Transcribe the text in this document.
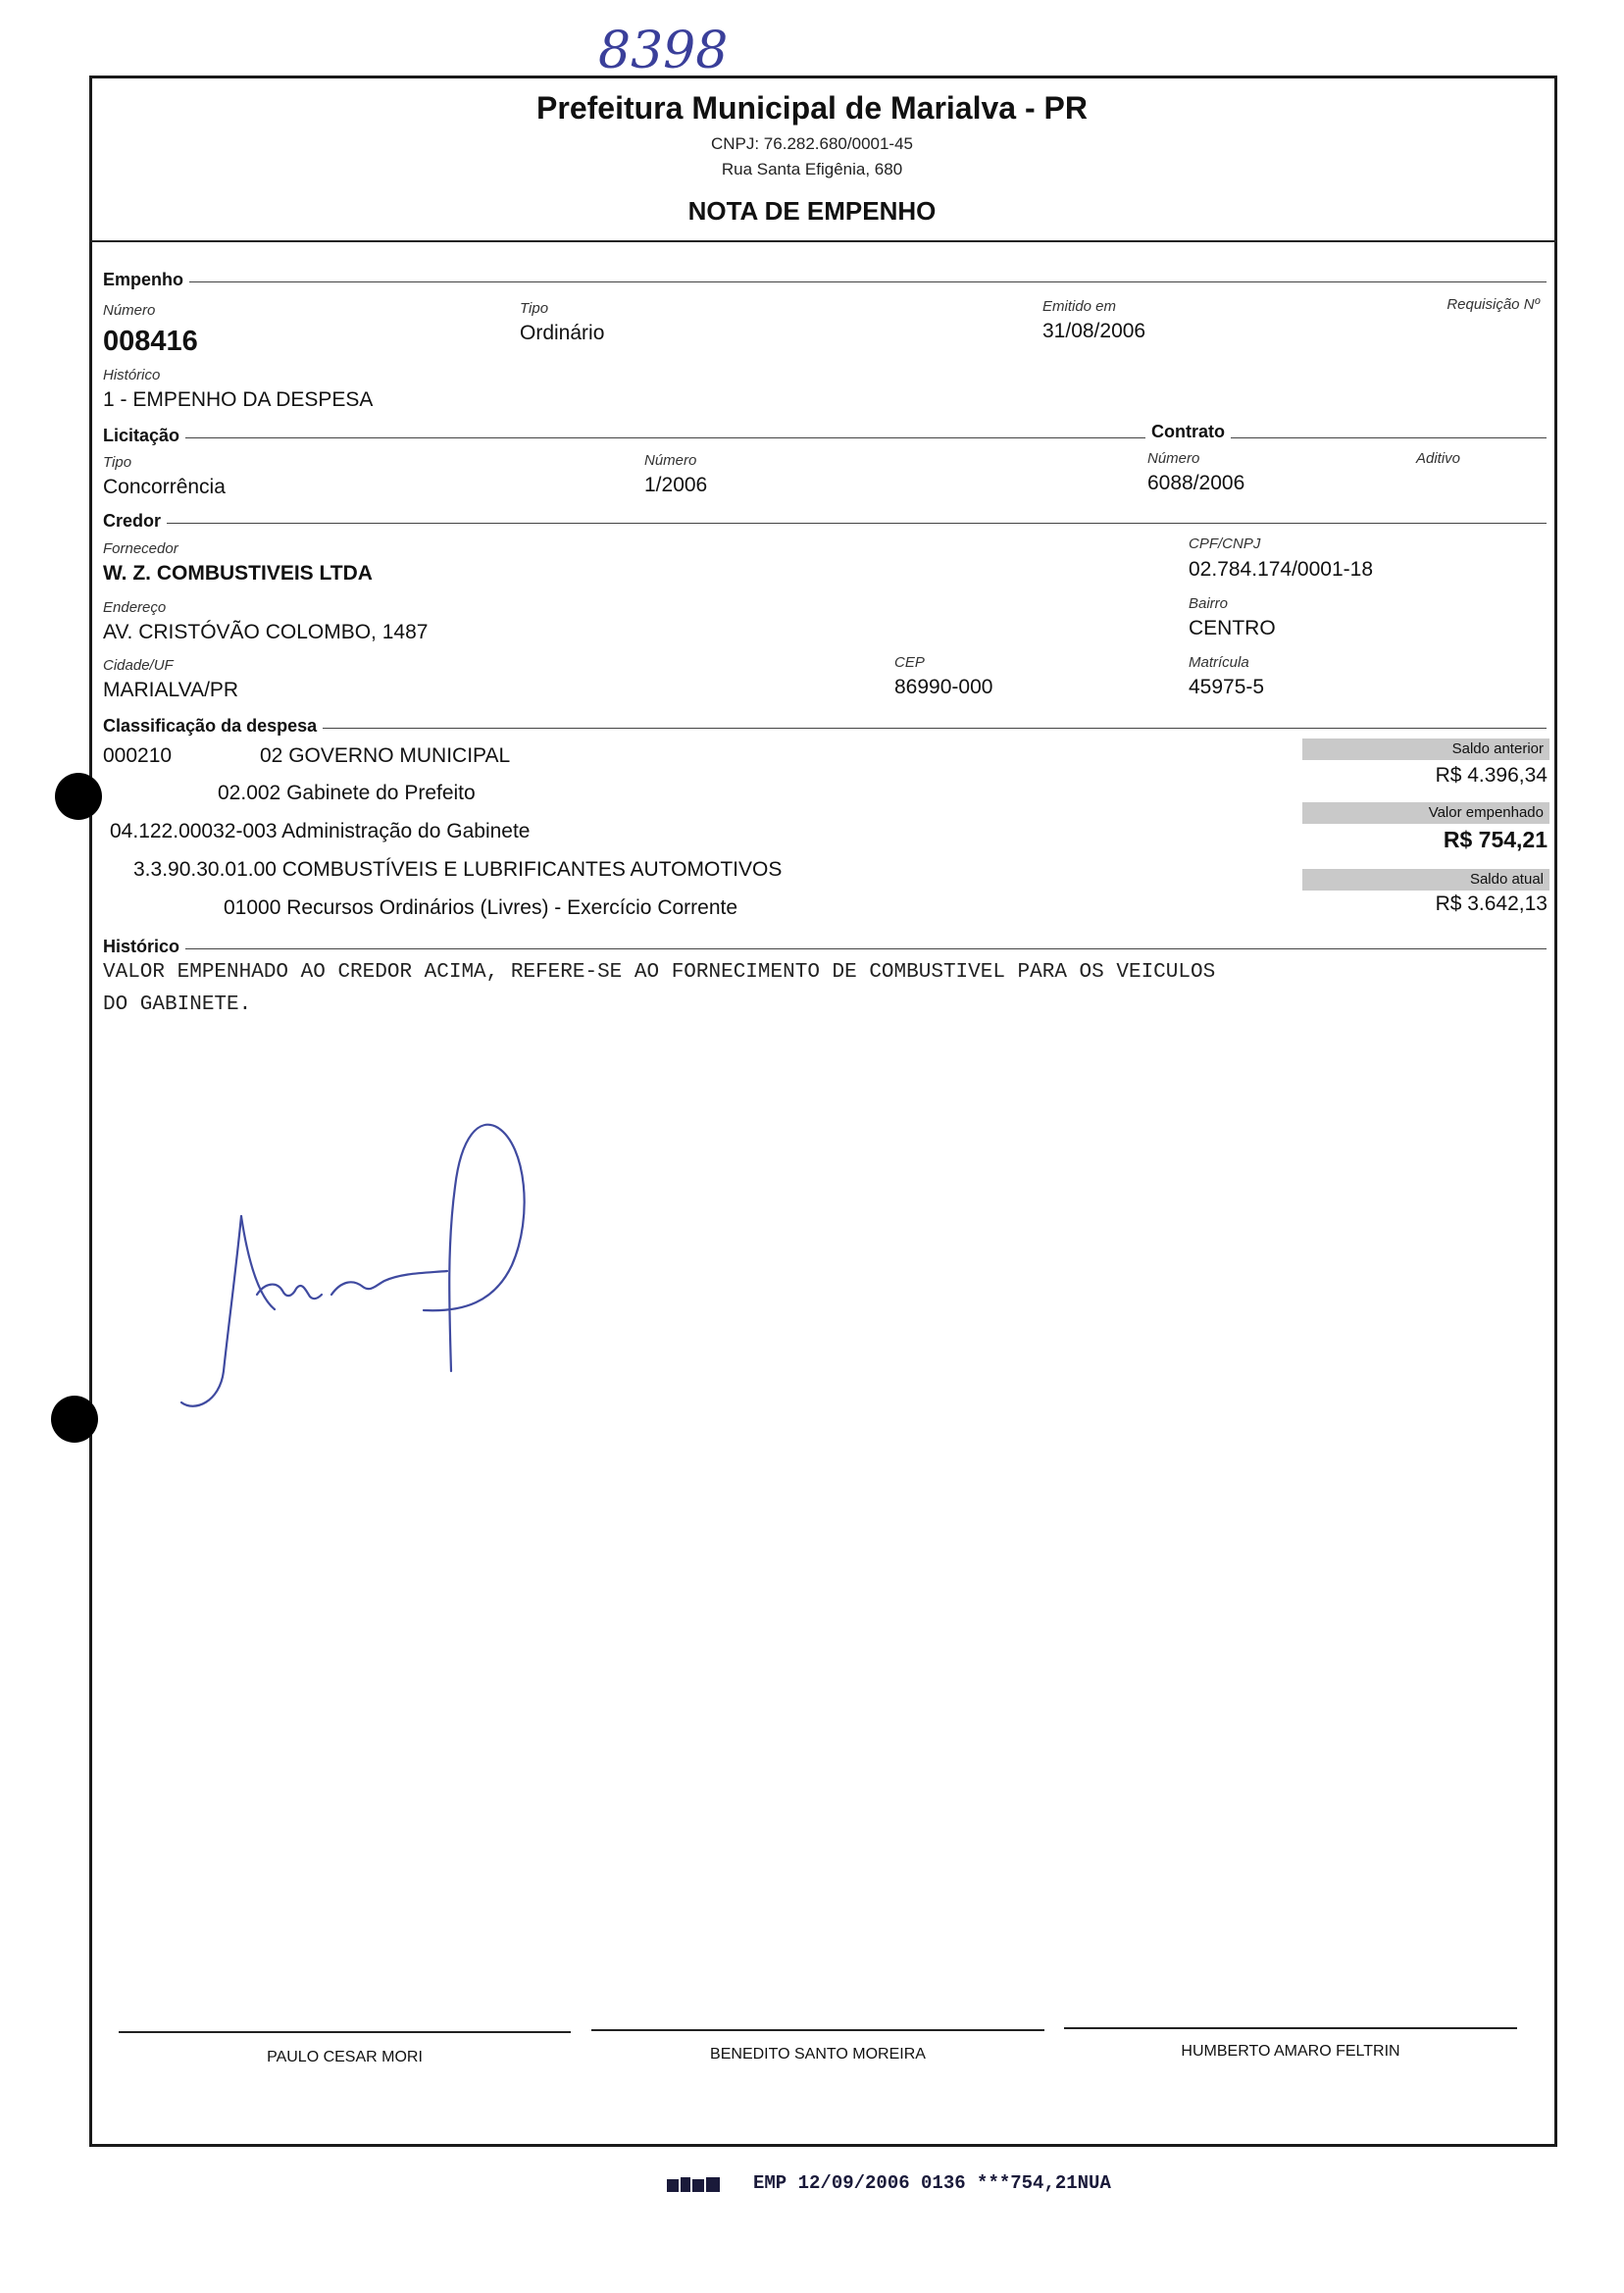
8398
Prefeitura Municipal de Marialva - PR
CNPJ: 76.282.680/0001-45
Rua Santa Efigênia, 680
NOTA DE EMPENHO
Empenho
Número
008416
Tipo
Ordinário
Emitido em
31/08/2006
Requisição Nº
Histórico
1 - EMPENHO DA DESPESA
Licitação	Contrato
Tipo
Concorrência
Número
1/2006
Número
6088/2006
Aditivo
Credor
Fornecedor
W. Z. COMBUSTIVEIS LTDA
CPF/CNPJ
02.784.174/0001-18
Endereço
AV. CRISTÓVÃO COLOMBO, 1487
Bairro
CENTRO
Cidade/UF
MARIALVA/PR
CEP
86990-000
Matrícula
45975-5
Classificação da despesa
000210	02 GOVERNO MUNICIPAL
02.002 Gabinete do Prefeito
04.122.00032-003 Administração do Gabinete
3.3.90.30.01.00 COMBUSTÍVEIS E LUBRIFICANTES AUTOMOTIVOS
01000 Recursos Ordinários (Livres) - Exercício Corrente
Saldo anterior
R$ 4.396,34
Valor empenhado
R$ 754,21
Saldo atual
R$ 3.642,13
Histórico
VALOR EMPENHADO AO CREDOR ACIMA, REFERE-SE AO FORNECIMENTO DE COMBUSTIVEL PARA OS VEICULOS
DO GABINETE.
PAULO CESAR MORI	BENEDITO SANTO MOREIRA	HUMBERTO AMARO FELTRIN
EMP 12/09/2006 0136 ***754,21NUA
